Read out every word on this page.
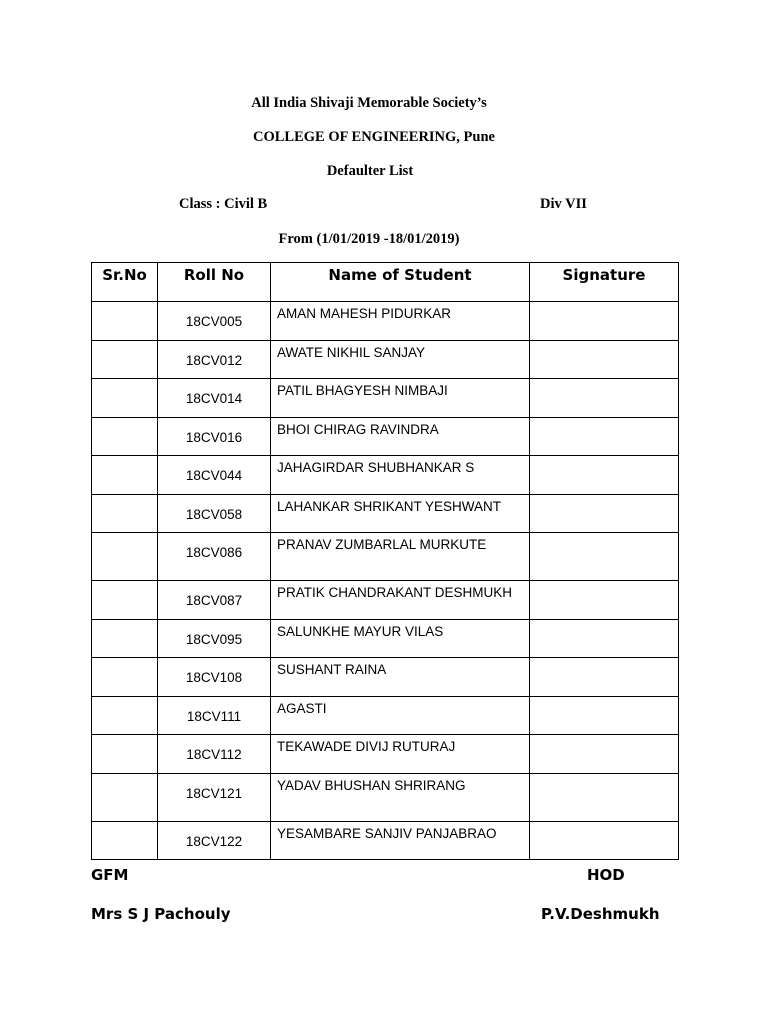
All India Shivaji Memorable Society’s
COLLEGE OF ENGINEERING, Pune
Defaulter List
Class : Civil B	Div VII
From (1/01/2019 -18/01/2019)
Sr.No	Roll No	Name of Student	Signature
	18CV005	AMAN MAHESH PIDURKAR	
	18CV012	AWATE NIKHIL SANJAY	
	18CV014	PATIL BHAGYESH NIMBAJI	
	18CV016	BHOI CHIRAG RAVINDRA	
	18CV044	JAHAGIRDAR SHUBHANKAR S	
	18CV058	LAHANKAR SHRIKANT YESHWANT	
	18CV086	PRANAV ZUMBARLAL MURKUTE	
	18CV087	PRATIK CHANDRAKANT DESHMUKH	
	18CV095	SALUNKHE MAYUR VILAS	
	18CV108	SUSHANT RAINA	
	18CV111	AGASTI	
	18CV112	TEKAWADE DIVIJ RUTURAJ	
	18CV121	YADAV BHUSHAN SHRIRANG	
	18CV122	YESAMBARE SANJIV PANJABRAO	
GFM	HOD
Mrs S J Pachouly	P.V.Deshmukh
